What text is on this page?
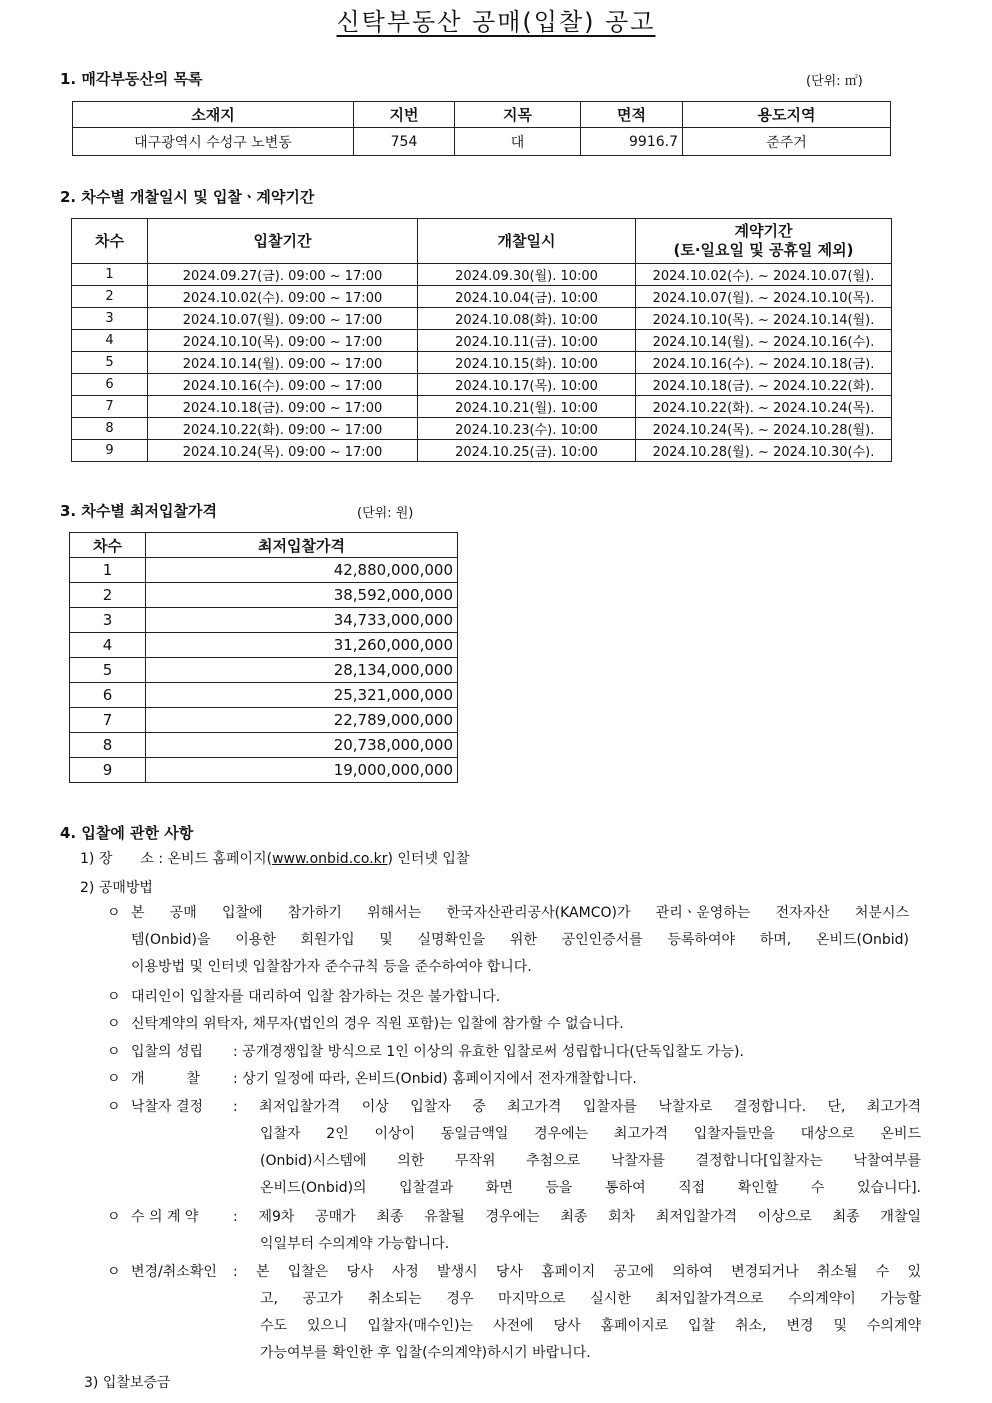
신탁부동산 공매(입찰) 공고
1. 매각부동산의 목록	(단위: ㎡)
소재지	지번	지목	면적	용도지역
대구광역시 수성구 노변동	754	대	9916.7	준주거
2. 차수별 개찰일시 및 입찰ㆍ계약기간
차수	입찰기간	개찰일시	계약기간
(토·일요일 및 공휴일 제외)

1	2024.09.27(금). 09:00 ~ 17:00	2024.09.30(월). 10:00	2024.10.02(수). ~ 2024.10.07(월).
2	2024.10.02(수). 09:00 ~ 17:00	2024.10.04(금). 10:00	2024.10.07(월). ~ 2024.10.10(목).
3	2024.10.07(월). 09:00 ~ 17:00	2024.10.08(화). 10:00	2024.10.10(목). ~ 2024.10.14(월).
4	2024.10.10(목). 09:00 ~ 17:00	2024.10.11(금). 10:00	2024.10.14(월). ~ 2024.10.16(수).
5	2024.10.14(월). 09:00 ~ 17:00	2024.10.15(화). 10:00	2024.10.16(수). ~ 2024.10.18(금).
6	2024.10.16(수). 09:00 ~ 17:00	2024.10.17(목). 10:00	2024.10.18(금). ~ 2024.10.22(화).
7	2024.10.18(금). 09:00 ~ 17:00	2024.10.21(월). 10:00	2024.10.22(화). ~ 2024.10.24(목).
8	2024.10.22(화). 09:00 ~ 17:00	2024.10.23(수). 10:00	2024.10.24(목). ~ 2024.10.28(월).
9	2024.10.24(목). 09:00 ~ 17:00	2024.10.25(금). 10:00	2024.10.28(월). ~ 2024.10.30(수).
3. 차수별 최저입찰가격	(단위: 원)
차수	최저입찰가격
1	42,880,000,000
2	38,592,000,000
3	34,733,000,000
4	31,260,000,000
5	28,134,000,000
6	25,321,000,000
7	22,789,000,000
8	20,738,000,000
9	19,000,000,000
4. 입찰에 관한 사항
1) 장　　소 : 온비드 홈페이지(www.onbid.co.kr) 인터넷 입찰
2) 공매방법
ㅇ 본 공매 입찰에 참가하기 위해서는 한국자산관리공사(KAMCO)가 관리ㆍ운영하는 전자자산 처분시스
템(Onbid)을 이용한 회원가입 및 실명확인을 위한 공인인증서를 등록하여야 하며, 온비드(Onbid)
이용방법 및 인터넷 입찰참가자 준수규칙 등을 준수하여야 합니다.
ㅇ 대리인이 입찰자를 대리하여 입찰 참가하는 것은 불가합니다.
ㅇ 신탁계약의 위탁자, 채무자(법인의 경우 직원 포함)는 입찰에 참가할 수 없습니다.
ㅇ 입찰의 성립	: 공개경쟁입찰 방식으로 1인 이상의 유효한 입찰로써 성립합니다(단독입찰도 가능).
ㅇ 개　　　찰	: 상기 일정에 따라, 온비드(Onbid) 홈페이지에서 전자개찰합니다.
ㅇ 낙찰자 결정	: 최저입찰가격 이상 입찰자 중 최고가격 입찰자를 낙찰자로 결정합니다. 단, 최고가격
입찰자 2인 이상이 동일금액일 경우에는 최고가격 입찰자들만을 대상으로 온비드
(Onbid)시스템에 의한 무작위 추첨으로 낙찰자를 결정합니다[입찰자는 낙찰여부를
온비드(Onbid)의 입찰결과 화면 등을 통하여 직접 확인할 수 있습니다].
ㅇ 수 의 계 약	: 제9차 공매가 최종 유찰될 경우에는 최종 회차 최저입찰가격 이상으로 최종 개찰일
익일부터 수의계약 가능합니다.
ㅇ 변경/취소확인	: 본 입찰은 당사 사정 발생시 당사 홈페이지 공고에 의하여 변경되거나 취소될 수 있
고, 공고가 취소되는 경우 마지막으로 실시한 최저입찰가격으로 수의계약이 가능할
수도 있으니 입찰자(매수인)는 사전에 당사 홈페이지로 입찰 취소, 변경 및 수의계약
가능여부를 확인한 후 입찰(수의계약)하시기 바랍니다.
3) 입찰보증금
